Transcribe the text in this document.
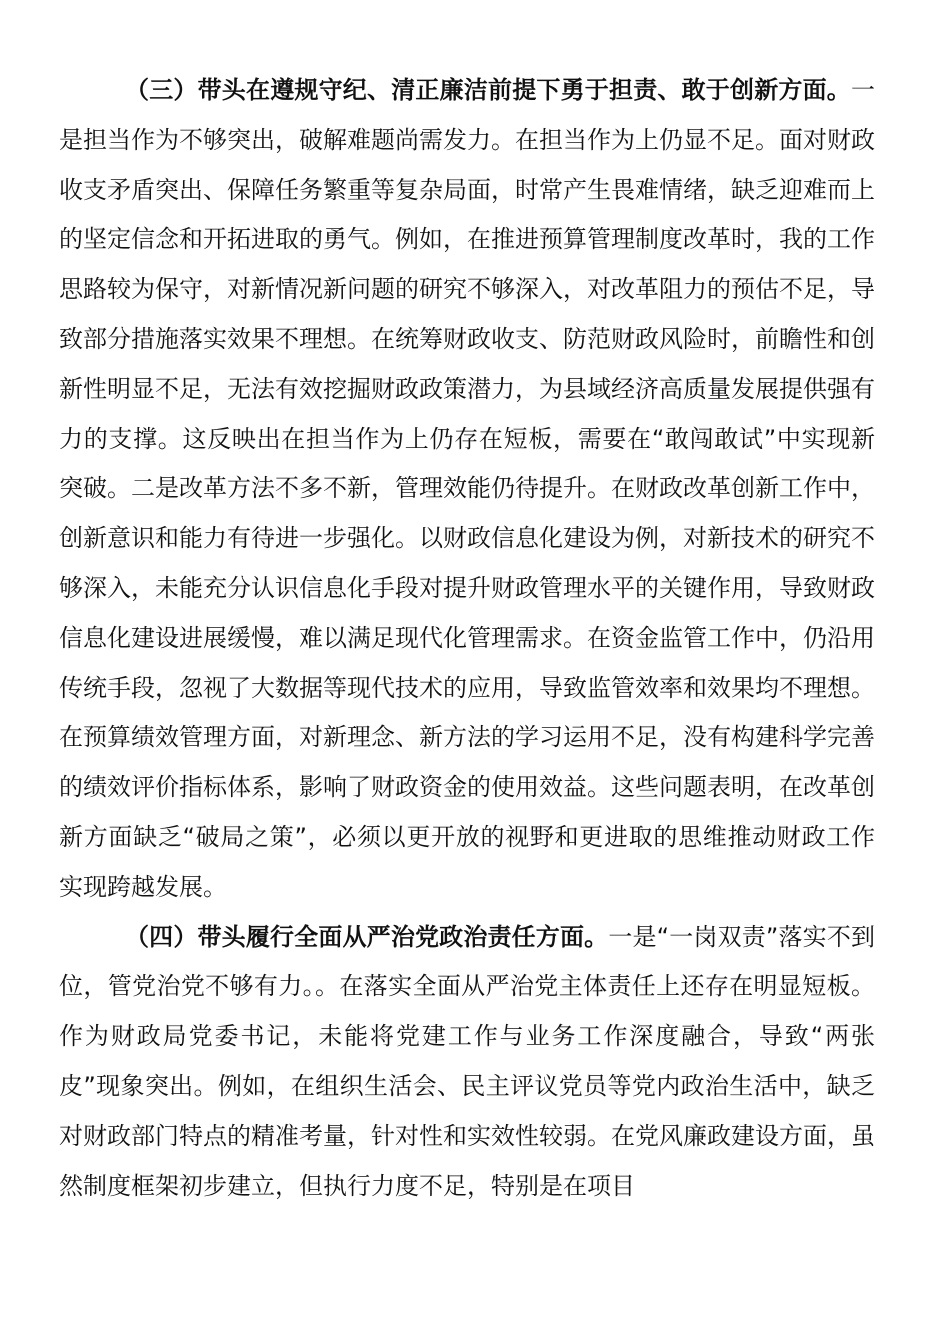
（三）带头在遵规守纪、清正廉洁前提下勇于担责、敢于创新方面。一是担当作为不够突出，破解难题尚需发力。在担当作为上仍显不足。面对财政收支矛盾突出、保障任务繁重等复杂局面，时常产生畏难情绪，缺乏迎难而上的坚定信念和开拓进取的勇气。例如，在推进预算管理制度改革时，我的工作思路较为保守，对新情况新问题的研究不够深入，对改革阻力的预估不足，导致部分措施落实效果不理想。在统筹财政收支、防范财政风险时，前瞻性和创新性明显不足，无法有效挖掘财政政策潜力，为县域经济高质量发展提供强有力的支撑。这反映出在担当作为上仍存在短板，需要在“敢闯敢试”中实现新突破。二是改革方法不多不新，管理效能仍待提升。在财政改革创新工作中，创新意识和能力有待进一步强化。以财政信息化建设为例，对新技术的研究不够深入，未能充分认识信息化手段对提升财政管理水平的关键作用，导致财政信息化建设进展缓慢，难以满足现代化管理需求。在资金监管工作中，仍沿用传统手段，忽视了大数据等现代技术的应用，导致监管效率和效果均不理想。在预算绩效管理方面，对新理念、新方法的学习运用不足，没有构建科学完善的绩效评价指标体系，影响了财政资金的使用效益。这些问题表明，在改革创新方面缺乏“破局之策”，必须以更开放的视野和更进取的思维推动财政工作实现跨越发展。

（四）带头履行全面从严治党政治责任方面。一是“一岗双责”落实不到位，管党治党不够有力。。在落实全面从严治党主体责任上还存在明显短板。作为财政局党委书记，未能将党建工作与业务工作深度融合，导致“两张皮”现象突出。例如，在组织生活会、民主评议党员等党内政治生活中，缺乏对财政部门特点的精准考量，针对性和实效性较弱。在党风廉政建设方面，虽然制度框架初步建立，但执行力度不足，特别是在项目
